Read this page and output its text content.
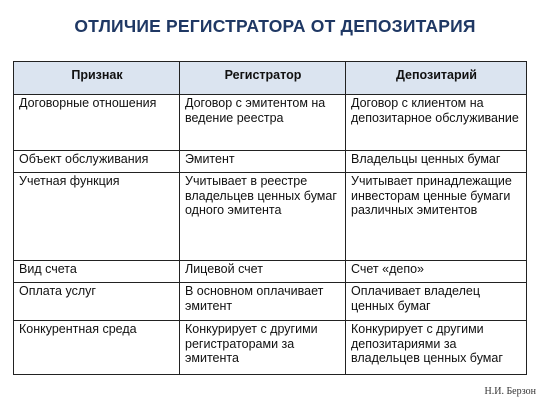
ОТЛИЧИЕ РЕГИСТРАТОРА ОТ ДЕПОЗИТАРИЯ
Признак	Регистратор	Депозитарий
Договорные отношения	Договор с эмитентом на ведение реестра	Договор с клиентом на депозитарное обслуживание
Объект обслуживания	Эмитент	Владельцы ценных бумаг
Учетная функция	Учитывает в реестре владельцев ценных бумаг одного эмитента	Учитывает принадлежащие инвесторам ценные бумаги различных эмитентов
Вид счета	Лицевой счет	Счет «депо»
Оплата услуг	В основном оплачивает эмитент	Оплачивает владелец ценных бумаг
Конкурентная среда	Конкурирует с другими регистраторами за эмитента	Конкурирует с другими депозитариями за владельцев ценных бумаг
Н.И. Берзон
